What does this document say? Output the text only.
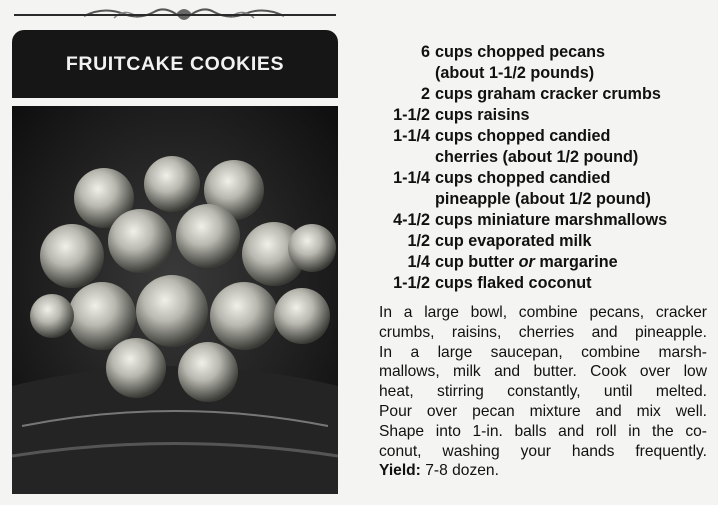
FRUITCAKE COOKIES
6 cups chopped pecans
(about 1-1/2 pounds)
2 cups graham cracker crumbs
1-1/2 cups raisins
1-1/4 cups chopped candied
cherries (about 1/2 pound)
1-1/4 cups chopped candied
pineapple (about 1/2 pound)
4-1/2 cups miniature marshmallows
1/2 cup evaporated milk
1/4 cup butter or margarine
1-1/2 cups flaked coconut

In a large bowl, combine pecans, cracker
crumbs, raisins, cherries and pineapple.
In a large saucepan, combine marsh-
mallows, milk and butter. Cook over low
heat, stirring constantly, until melted.
Pour over pecan mixture and mix well.
Shape into 1-in. balls and roll in the co-
conut, washing your hands frequently.
Yield: 7-8 dozen.
